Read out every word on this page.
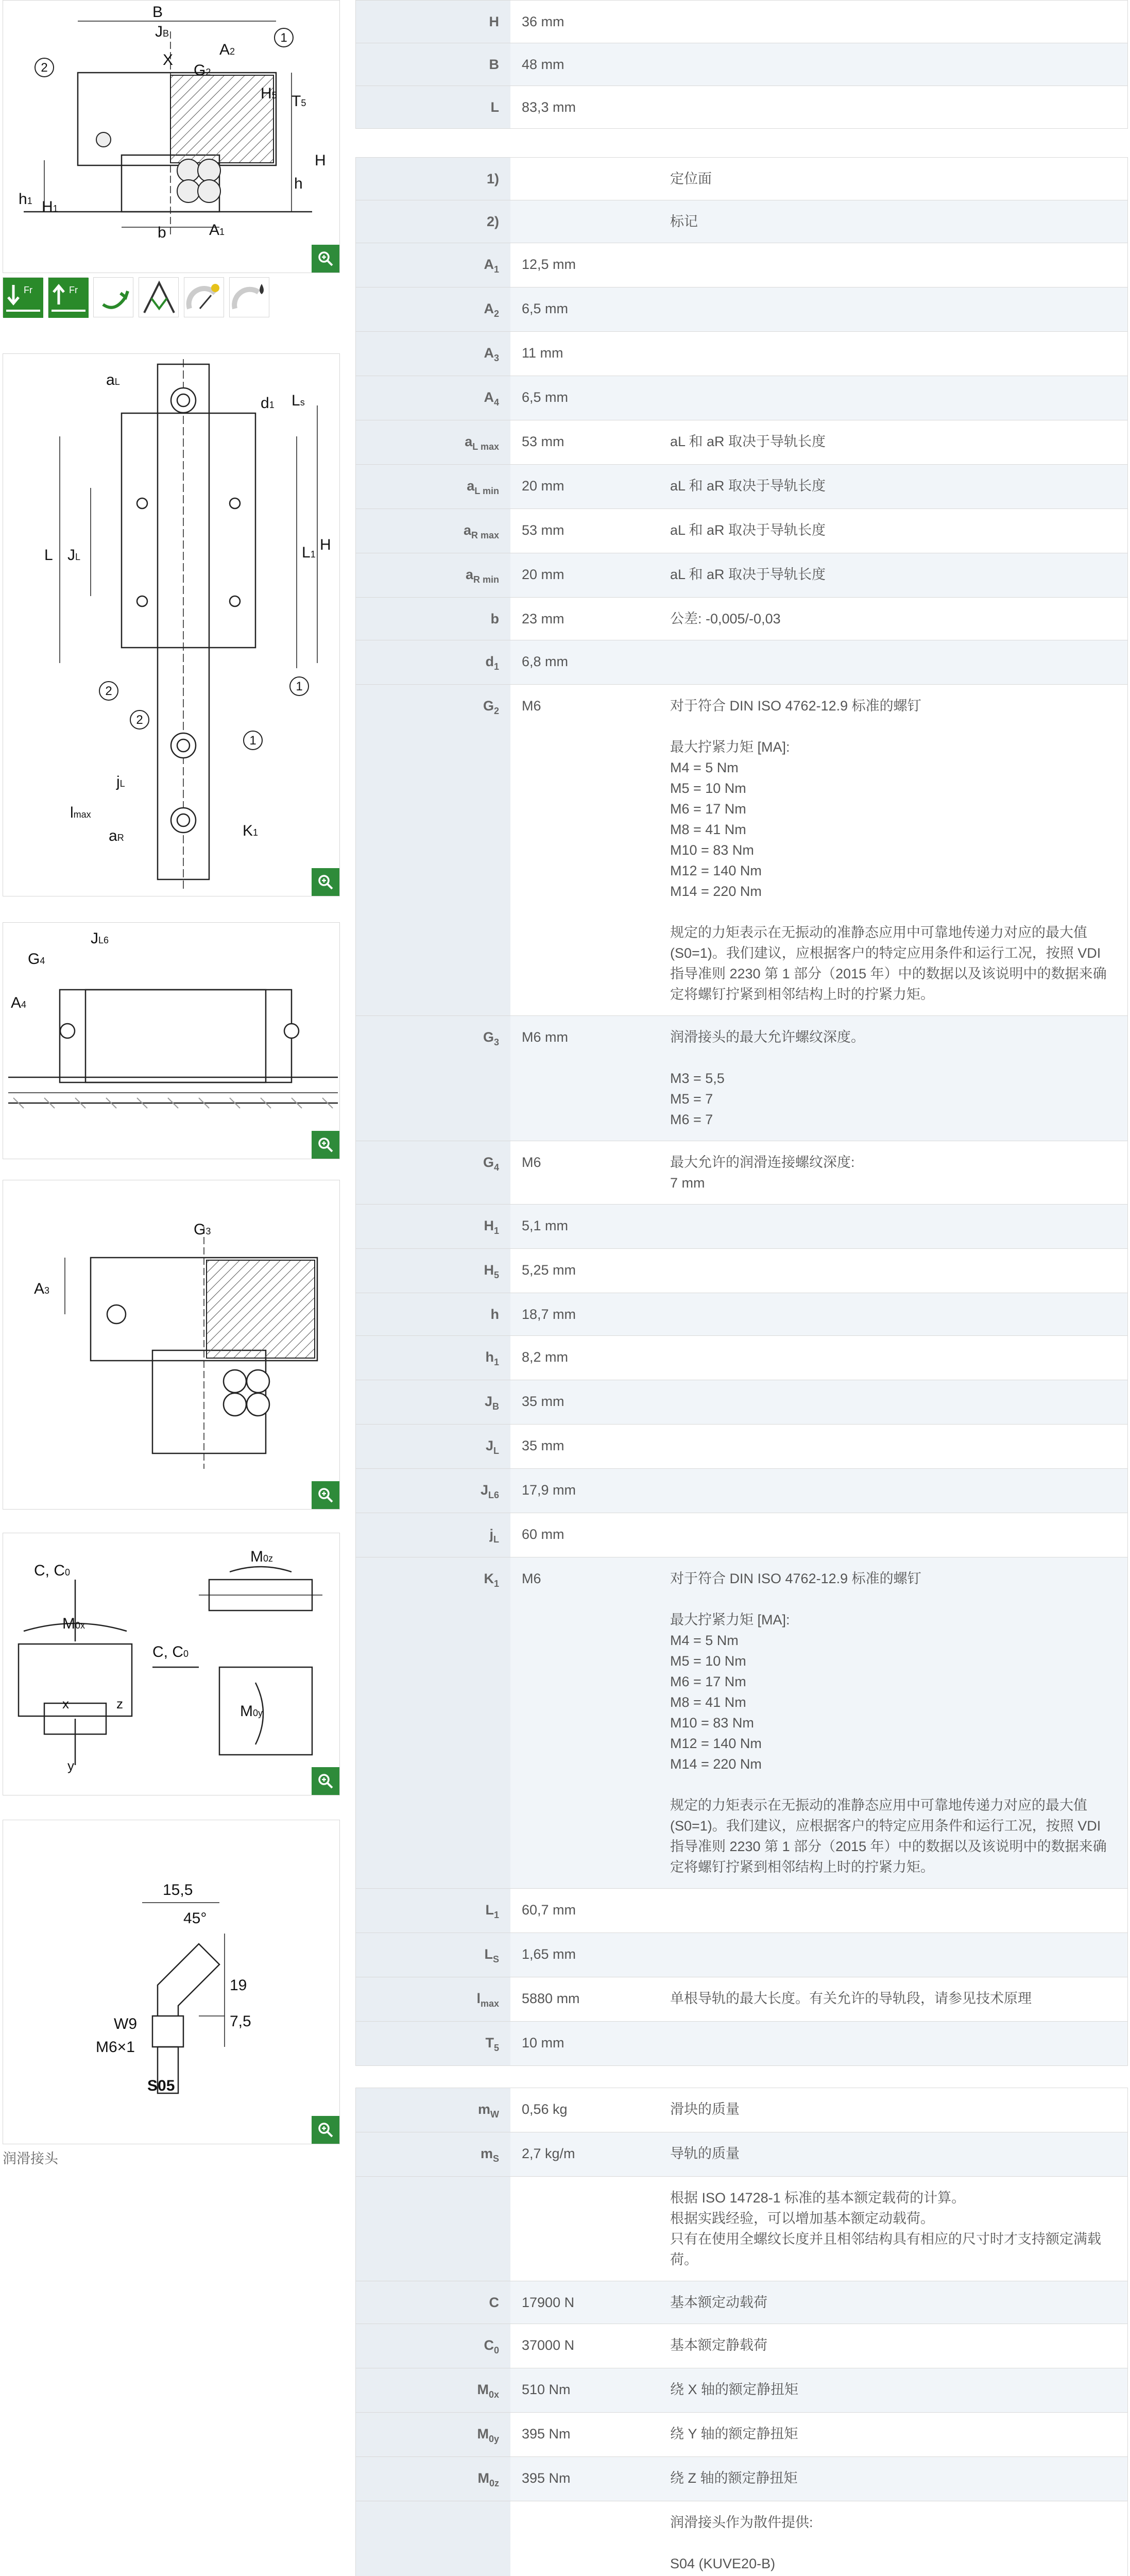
B
JB
A2
X
G2
H5 T5
H
h
h1 H1
b	A1
1
2
Fr	Fr
aL
d1 Ls
L JL	L1
H
jL
lmax
aR	K1
2	1
2
1
G4
JL6
A4
G3
A3
C, C0
M0x
C, C0
M0z
M0y
x
y
z
15,5
45°
19
W9	7,5
M6×1
S05
润滑接头
H	36 mm
B	48 mm
L	83,3 mm
1)	定位面
2)	标记
$A_1$	12,5 mm
$A_2$	6,5 mm
$A_3$	11 mm
$A_4$	6,5 mm
$a_{L max}$	53 mm	aL 和 aR 取决于导轨长度
$a_{L min}$	20 mm	aL 和 aR 取决于导轨长度
$a_{R max}$	53 mm	aL 和 aR 取决于导轨长度
$a_{R min}$	20 mm	aL 和 aR 取决于导轨长度
b	23 mm	公差: -0,005/-0,03
$d_1$	6,8 mm
$G_2$	M6	对于符合 DIN ISO 4762-12.9 标准的螺钉

最大拧紧力矩 [MA]:
M4 = 5 Nm
M5 = 10 Nm
M6 = 17 Nm
M8 = 41 Nm
M10 = 83 Nm
M12 = 140 Nm
M14 = 220 Nm

规定的力矩表示在无振动的准静态应用中可靠地传递力对应的最大值 (S0=1)。我们建议，应根据客户的特定应用条件和运行工况，按照 VDI 指导准则 2230 第 1 部分（2015 年）中的数据以及该说明中的数据来确定将螺钉拧紧到相邻结构上时的拧紧力矩。
$G_3$	M6 mm	润滑接头的最大允许螺纹深度。

M3 = 5,5
M5 = 7
M6 = 7
$G_4$	M6	最大允许的润滑连接螺纹深度:
7 mm
$H_1$	5,1 mm
$H_5$	5,25 mm
h	18,7 mm
$h_1$	8,2 mm
$J_B$	35 mm
$J_L$	35 mm
$J_{L6}$	17,9 mm
$j_L$	60 mm
$K_1$	M6	对于符合 DIN ISO 4762-12.9 标准的螺钉

最大拧紧力矩 [MA]:
M4 = 5 Nm
M5 = 10 Nm
M6 = 17 Nm
M8 = 41 Nm
M10 = 83 Nm
M12 = 140 Nm
M14 = 220 Nm

规定的力矩表示在无振动的准静态应用中可靠地传递力对应的最大值 (S0=1)。我们建议，应根据客户的特定应用条件和运行工况，按照 VDI 指导准则 2230 第 1 部分（2015 年）中的数据以及该说明中的数据来确定将螺钉拧紧到相邻结构上时的拧紧力矩。
$L_1$	60,7 mm
$L_S$	1,65 mm
$l_{max}$	5880 mm	单根导轨的最大长度。有关允许的导轨段，请参见技术原理
$T_5$	10 mm
$m_W$	0,56 kg	滑块的质量
$m_S$	2,7 kg/m	导轨的质量
根据 ISO 14728-1 标准的基本额定载荷的计算。
根据实践经验，可以增加基本额定动载荷。
只有在使用全螺纹长度并且相邻结构具有相应的尺寸时才支持额定满载荷。
C	17900 N	基本额定动载荷
$C_0$	37000 N	基本额定静载荷
$M_{0x}$	510 Nm	绕 X 轴的额定静扭矩
$M_{0y}$	395 Nm	绕 Y 轴的额定静扭矩
$M_{0z}$	395 Nm	绕 Z 轴的额定静扭矩
润滑接头作为散件提供:

S04 (KUVE20-B)
